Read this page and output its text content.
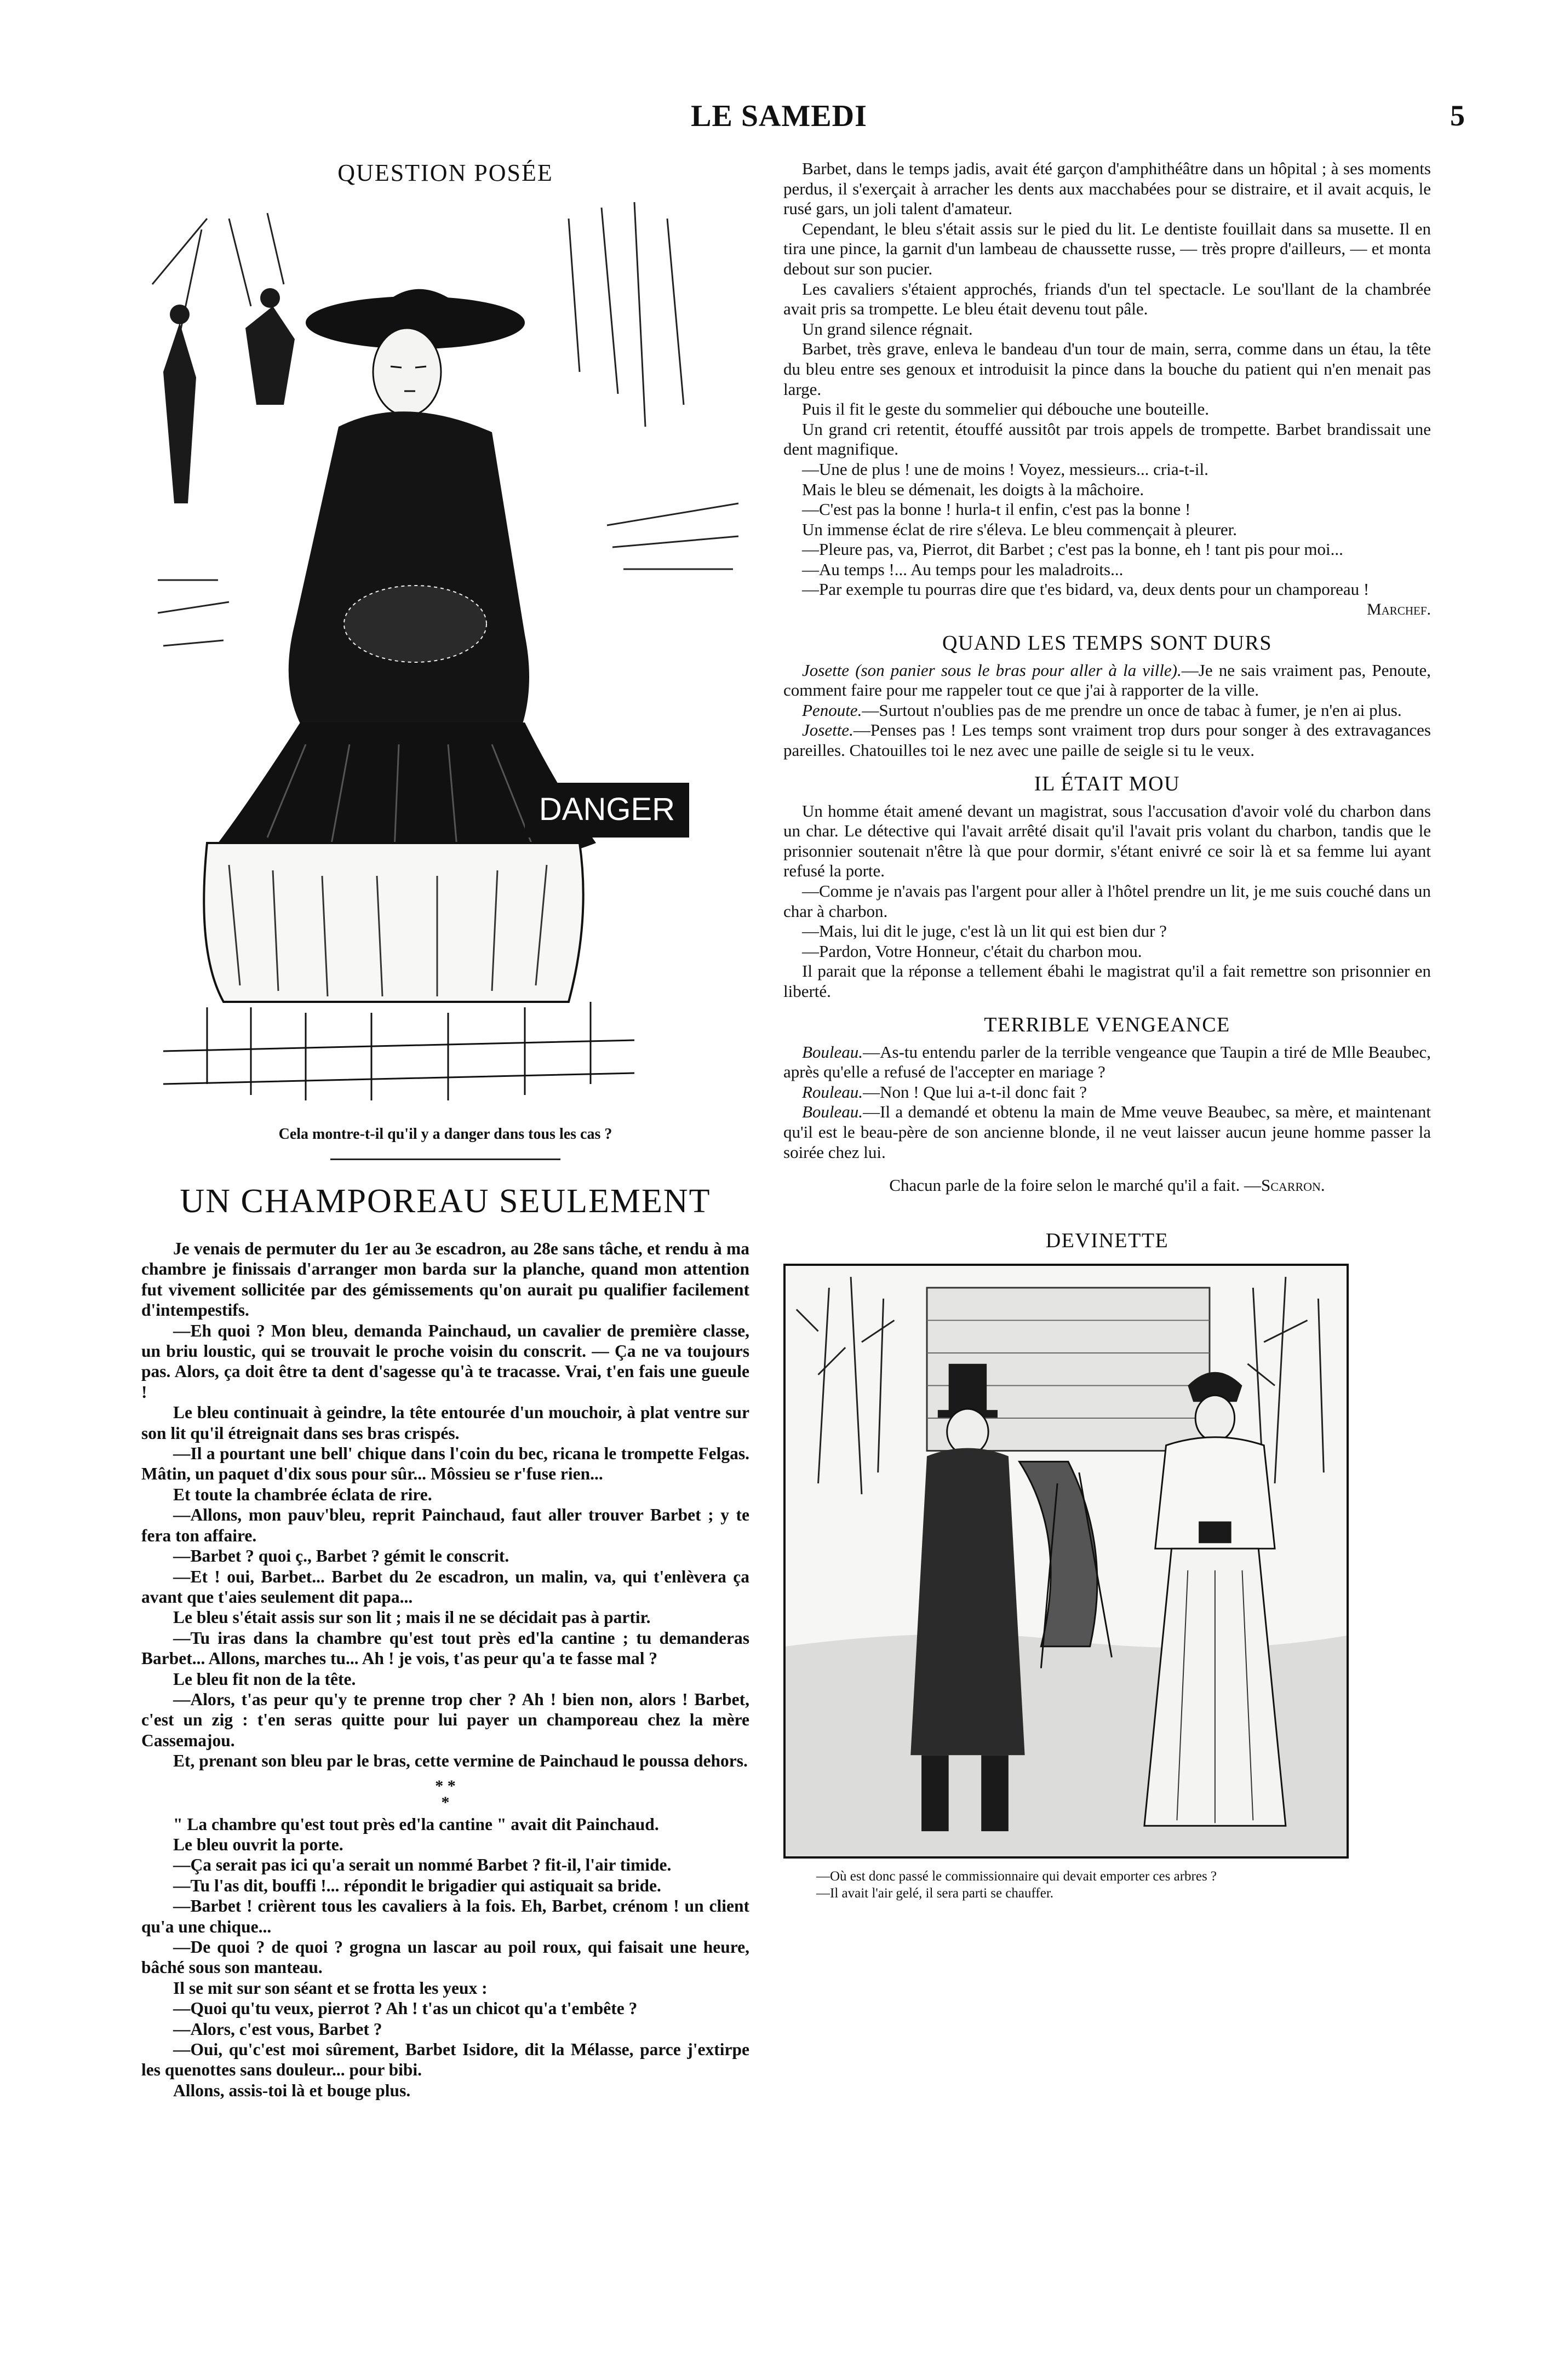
LE SAMEDI	5
QUESTION POSÉE
DANGER
Cela montre-t-il qu'il y a danger dans tous les cas ?
UN CHAMPOREAU SEULEMENT

Je venais de permuter du 1er au 3e escadron, au 28e sans tâche, et rendu à ma chambre je finissais d'arranger mon barda sur la planche, quand mon attention fut vivement sollicitée par des gémissements qu'on aurait pu qualifier facilement d'intempestifs.

—Eh quoi ? Mon bleu, demanda Painchaud, un cavalier de première classe, un briu loustic, qui se trouvait le proche voisin du conscrit. — Ça ne va toujours pas. Alors, ça doit être ta dent d'sagesse qu'à te tracasse. Vrai, t'en fais une gueule !

Le bleu continuait à geindre, la tête entourée d'un mouchoir, à plat ventre sur son lit qu'il étreignait dans ses bras crispés.

—Il a pourtant une bell' chique dans l'coin du bec, ricana le trompette Felgas. Mâtin, un paquet d'dix sous pour sûr... Môssieu se r'fuse rien...

Et toute la chambrée éclata de rire.

—Allons, mon pauv'bleu, reprit Painchaud, faut aller trouver Barbet ; y te fera ton affaire.

—Barbet ? quoi ç., Barbet ? gémit le conscrit.

—Et ! oui, Barbet... Barbet du 2e escadron, un malin, va, qui t'enlèvera ça avant que t'aies seulement dit papa...

Le bleu s'était assis sur son lit ; mais il ne se décidait pas à partir.

—Tu iras dans la chambre qu'est tout près ed'la cantine ; tu demanderas Barbet... Allons, marches tu... Ah ! je vois, t'as peur qu'a te fasse mal ?

Le bleu fit non de la tête.

—Alors, t'as peur qu'y te prenne trop cher ? Ah ! bien non, alors ! Barbet, c'est un zig : t'en seras quitte pour lui payer un champoreau chez la mère Cassemajou.

Et, prenant son bleu par le bras, cette vermine de Painchaud le poussa dehors.

* *
*

" La chambre qu'est tout près ed'la cantine " avait dit Painchaud.

Le bleu ouvrit la porte.

—Ça serait pas ici qu'a serait un nommé Barbet ? fit-il, l'air timide.

—Tu l'as dit, bouffi !... répondit le brigadier qui astiquait sa bride.

—Barbet ! crièrent tous les cavaliers à la fois. Eh, Barbet, crénom ! un client qu'a une chique...

—De quoi ? de quoi ? grogna un lascar au poil roux, qui faisait une heure, bâché sous son manteau.

Il se mit sur son séant et se frotta les yeux :

—Quoi qu'tu veux, pierrot ? Ah ! t'as un chicot qu'a t'embête ?

—Alors, c'est vous, Barbet ?

—Oui, qu'c'est moi sûrement, Barbet Isidore, dit la Mélasse, parce j'extirpe les quenottes sans douleur... pour bibi.

Allons, assis-toi là et bouge plus.

Barbet, dans le temps jadis, avait été garçon d'amphithéâtre dans un hôpital ; à ses moments perdus, il s'exerçait à arracher les dents aux macchabées pour se distraire, et il avait acquis, le rusé gars, un joli talent d'amateur.

Cependant, le bleu s'était assis sur le pied du lit. Le dentiste fouillait dans sa musette. Il en tira une pince, la garnit d'un lambeau de chaussette russe, — très propre d'ailleurs, — et monta debout sur son pucier.

Les cavaliers s'étaient approchés, friands d'un tel spectacle. Le sou'llant de la chambrée avait pris sa trompette. Le bleu était devenu tout pâle.

Un grand silence régnait.

Barbet, très grave, enleva le bandeau d'un tour de main, serra, comme dans un étau, la tête du bleu entre ses genoux et introduisit la pince dans la bouche du patient qui n'en menait pas large.

Puis il fit le geste du sommelier qui débouche une bouteille.

Un grand cri retentit, étouffé aussitôt par trois appels de trompette. Barbet brandissait une dent magnifique.

—Une de plus ! une de moins ! Voyez, messieurs... cria-t-il.

Mais le bleu se démenait, les doigts à la mâchoire.

—C'est pas la bonne ! hurla-t il enfin, c'est pas la bonne !

Un immense éclat de rire s'éleva. Le bleu commençait à pleurer.

—Pleure pas, va, Pierrot, dit Barbet ; c'est pas la bonne, eh ! tant pis pour moi...

—Au temps !... Au temps pour les maladroits...

—Par exemple tu pourras dire que t'es bidard, va, deux dents pour un champoreau !

Marchef.

QUAND LES TEMPS SONT DURS

Josette (son panier sous le bras pour aller à la ville).—Je ne sais vraiment pas, Penoute, comment faire pour me rappeler tout ce que j'ai à rapporter de la ville.

Penoute.—Surtout n'oublies pas de me prendre un once de tabac à fumer, je n'en ai plus.

Josette.—Penses pas ! Les temps sont vraiment trop durs pour songer à des extravagances pareilles. Chatouilles toi le nez avec une paille de seigle si tu le veux.

IL ÉTAIT MOU

Un homme était amené devant un magistrat, sous l'accusation d'avoir volé du charbon dans un char. Le détective qui l'avait arrêté disait qu'il l'avait pris volant du charbon, tandis que le prisonnier soutenait n'être là que pour dormir, s'étant enivré ce soir là et sa femme lui ayant refusé la porte.

—Comme je n'avais pas l'argent pour aller à l'hôtel prendre un lit, je me suis couché dans un char à charbon.

—Mais, lui dit le juge, c'est là un lit qui est bien dur ?

—Pardon, Votre Honneur, c'était du charbon mou.

Il parait que la réponse a tellement ébahi le magistrat qu'il a fait remettre son prisonnier en liberté.

TERRIBLE VENGEANCE

Bouleau.—As-tu entendu parler de la terrible vengeance que Taupin a tiré de Mlle Beaubec, après qu'elle a refusé de l'accepter en mariage ?

Rouleau.—Non ! Que lui a-t-il donc fait ?

Bouleau.—Il a demandé et obtenu la main de Mme veuve Beaubec, sa mère, et maintenant qu'il est le beau-père de son ancienne blonde, il ne veut laisser aucun jeune homme passer la soirée chez lui.

Chacun parle de la foire selon le marché qu'il a fait. —Scarron.

DEVINETTE
—Où est donc passé le commissionnaire qui devait emporter ces arbres ?
—Il avait l'air gelé, il sera parti se chauffer.
